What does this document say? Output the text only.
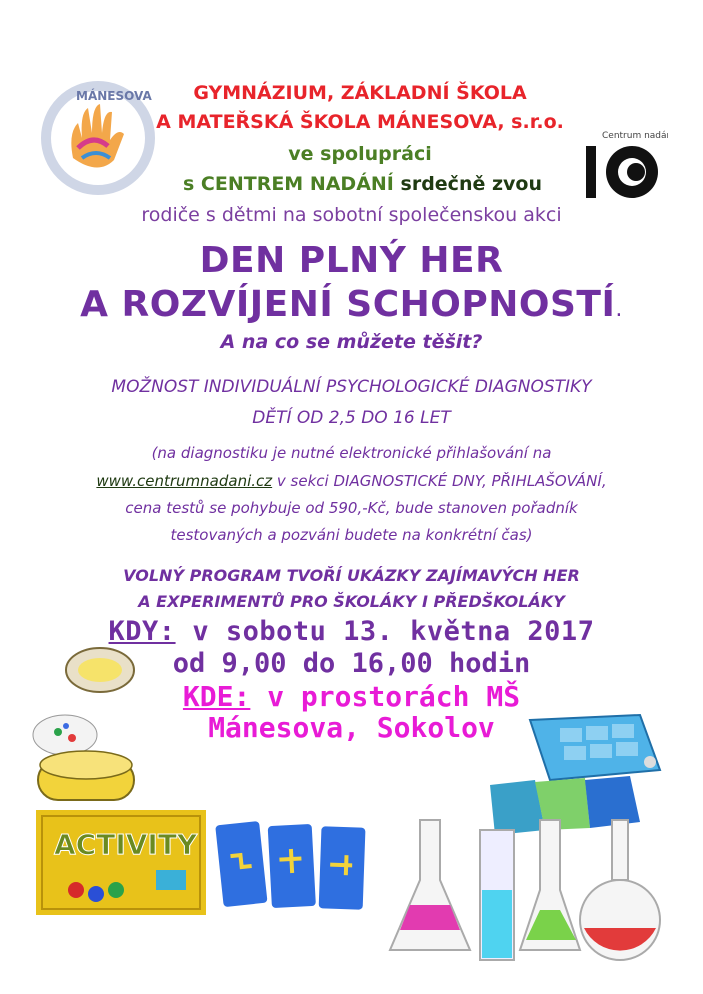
MÁNESOVA
Centrum nadání
GYMNÁZIUM, ZÁKLADNÍ ŠKOLA
A MATEŘSKÁ ŠKOLA MÁNESOVA, s.r.o.
ve spolupráci
s CENTREM NADÁNÍ srdečně zvou
rodiče s dětmi na sobotní společenskou akci
DEN PLNÝ HER
A ROZVÍJENÍ SCHOPNOSTÍ.
A na co se můžete těšit?
MOŽNOST INDIVIDUÁLNÍ PSYCHOLOGICKÉ DIAGNOSTIKY
DĚTÍ OD 2,5 DO 16 LET
(na diagnostiku je nutné elektronické přihlašování na
www.centrumnadani.cz v sekci DIAGNOSTICKÉ DNY, PŘIHLAŠOVÁNÍ,
cena testů se pohybuje od 590,-Kč, bude stanoven pořadník
testovaných a pozváni budete na konkrétní čas)
VOLNÝ PROGRAM TVOŘÍ UKÁZKY ZAJÍMAVÝCH HER
A EXPERIMENTŮ PRO ŠKOLÁKY I PŘEDŠKOLÁKY
KDY: v sobotu 13. května 2017
od 9,00 do 16,00 hodin
KDE: v prostorách MŠ
Mánesova, Sokolov
ACTIVITY
